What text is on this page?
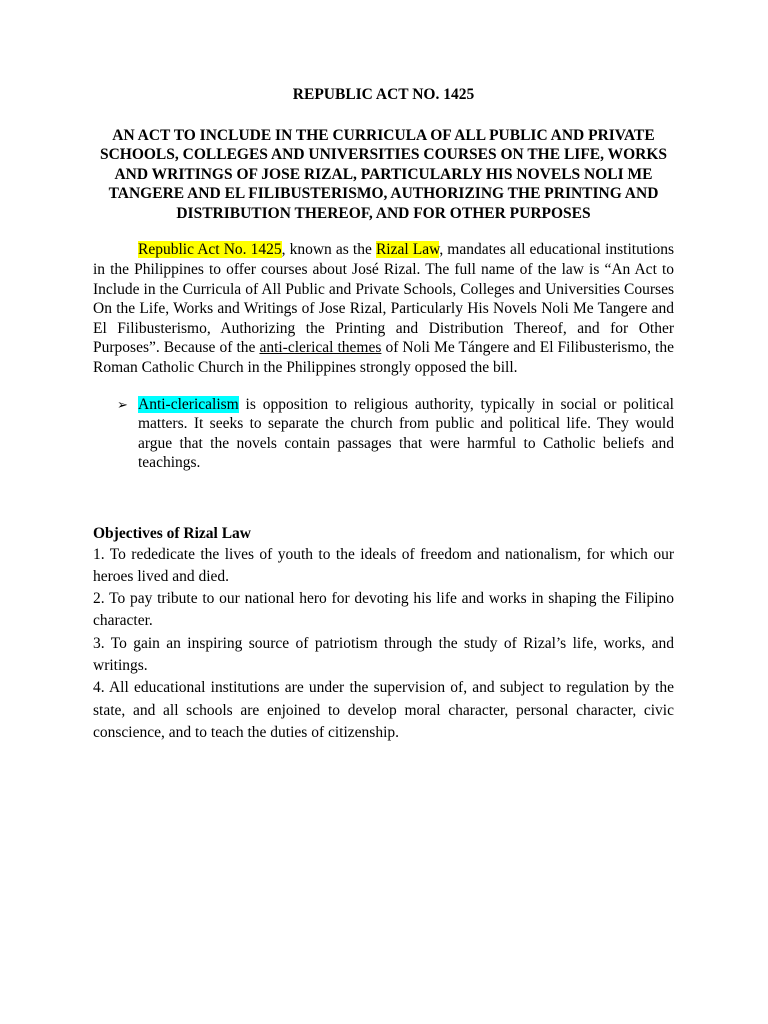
REPUBLIC ACT NO. 1425
AN ACT TO INCLUDE IN THE CURRICULA OF ALL PUBLIC AND PRIVATE SCHOOLS, COLLEGES AND UNIVERSITIES COURSES ON THE LIFE, WORKS AND WRITINGS OF JOSE RIZAL, PARTICULARLY HIS NOVELS NOLI ME TANGERE AND EL FILIBUSTERISMO, AUTHORIZING THE PRINTING AND DISTRIBUTION THEREOF, AND FOR OTHER PURPOSES

Republic Act No. 1425, known as the Rizal Law, mandates all educational institutions in the Philippines to offer courses about José Rizal. The full name of the law is “An Act to Include in the Curricula of All Public and Private Schools, Colleges and Universities Courses On the Life, Works and Writings of Jose Rizal, Particularly His Novels Noli Me Tangere and El Filibusterismo, Authorizing the Printing and Distribution Thereof, and for Other Purposes”. Because of the anti-clerical themes of Noli Me Tángere and El Filibusterismo, the Roman Catholic Church in the Philippines strongly opposed the bill.

➢ Anti-clericalism is opposition to religious authority, typically in social or political matters. It seeks to separate the church from public and political life. They would argue that the novels contain passages that were harmful to Catholic beliefs and teachings.

Objectives of Rizal Law

1. To rededicate the lives of youth to the ideals of freedom and nationalism, for which our heroes lived and died.

2. To pay tribute to our national hero for devoting his life and works in shaping the Filipino character.

3. To gain an inspiring source of patriotism through the study of Rizal’s life, works, and writings.

4. All educational institutions are under the supervision of, and subject to regulation by the state, and all schools are enjoined to develop moral character, personal character, civic conscience, and to teach the duties of citizenship.
